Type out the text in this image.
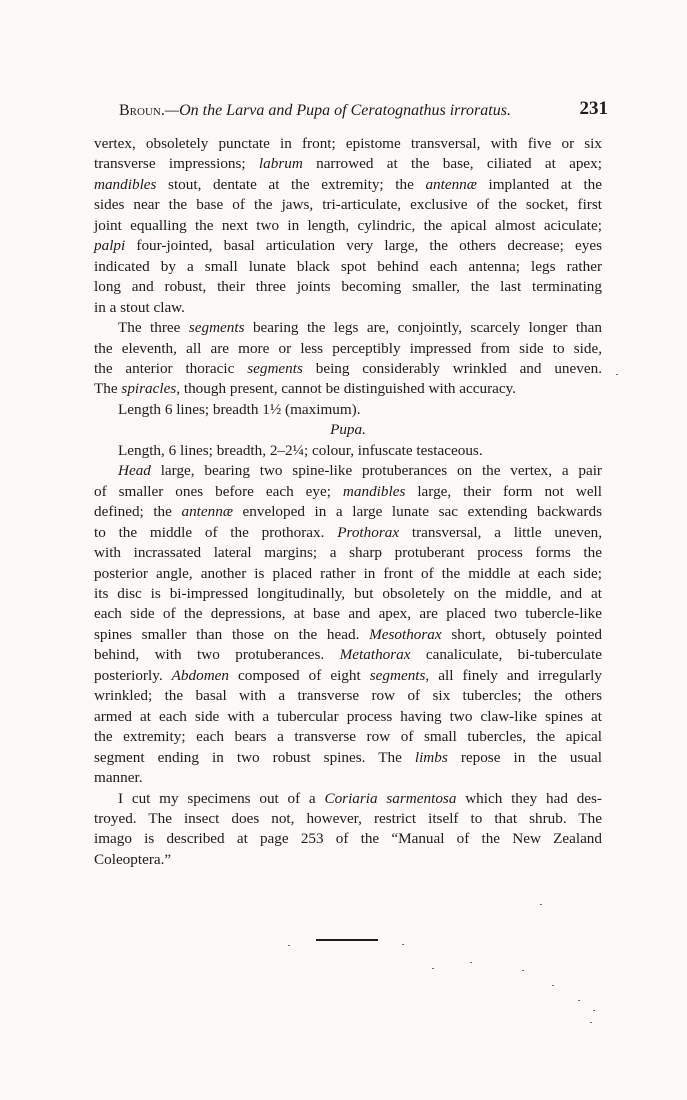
Broun.—On the Larva and Pupa of Ceratognathus irroratus.	231
vertex, obsoletely punctate in front; epistome transversal, with five or six
transverse impressions; labrum narrowed at the base, ciliated at apex;
mandibles stout, dentate at the extremity; the antennæ implanted at the
sides near the base of the jaws, tri-articulate, exclusive of the socket, first
joint equalling the next two in length, cylindric, the apical almost aciculate;
palpi four-jointed, basal articulation very large, the others decrease; eyes
indicated by a small lunate black spot behind each antenna; legs rather
long and robust, their three joints becoming smaller, the last terminating
in a stout claw.
The three segments bearing the legs are, conjointly, scarcely longer than
the eleventh, all are more or less perceptibly impressed from side to side,
the anterior thoracic segments being considerably wrinkled and uneven.
The spiracles, though present, cannot be distinguished with accuracy.
Length 6 lines; breadth 1½ (maximum).
Pupa.
Length, 6 lines; breadth, 2–2¼; colour, infuscate testaceous.
Head large, bearing two spine-like protuberances on the vertex, a pair
of smaller ones before each eye; mandibles large, their form not well
defined; the antennæ enveloped in a large lunate sac extending backwards
to the middle of the prothorax. Prothorax transversal, a little uneven,
with incrassated lateral margins; a sharp protuberant process forms the
posterior angle, another is placed rather in front of the middle at each side;
its disc is bi-impressed longitudinally, but obsoletely on the middle, and at
each side of the depressions, at base and apex, are placed two tubercle-like
spines smaller than those on the head. Mesothorax short, obtusely pointed
behind, with two protuberances. Metathorax canaliculate, bi-tuberculate
posteriorly. Abdomen composed of eight segments, all finely and irregularly
wrinkled; the basal with a transverse row of six tubercles; the others
armed at each side with a tubercular process having two claw-like spines at
the extremity; each bears a transverse row of small tubercles, the apical
segment ending in two robust spines. The limbs repose in the usual
manner.
I cut my specimens out of a Coriaria sarmentosa which they had des-
troyed. The insect does not, however, restrict itself to that shrub. The
imago is described at page 253 of the “Manual of the New Zealand
Coleoptera.”
